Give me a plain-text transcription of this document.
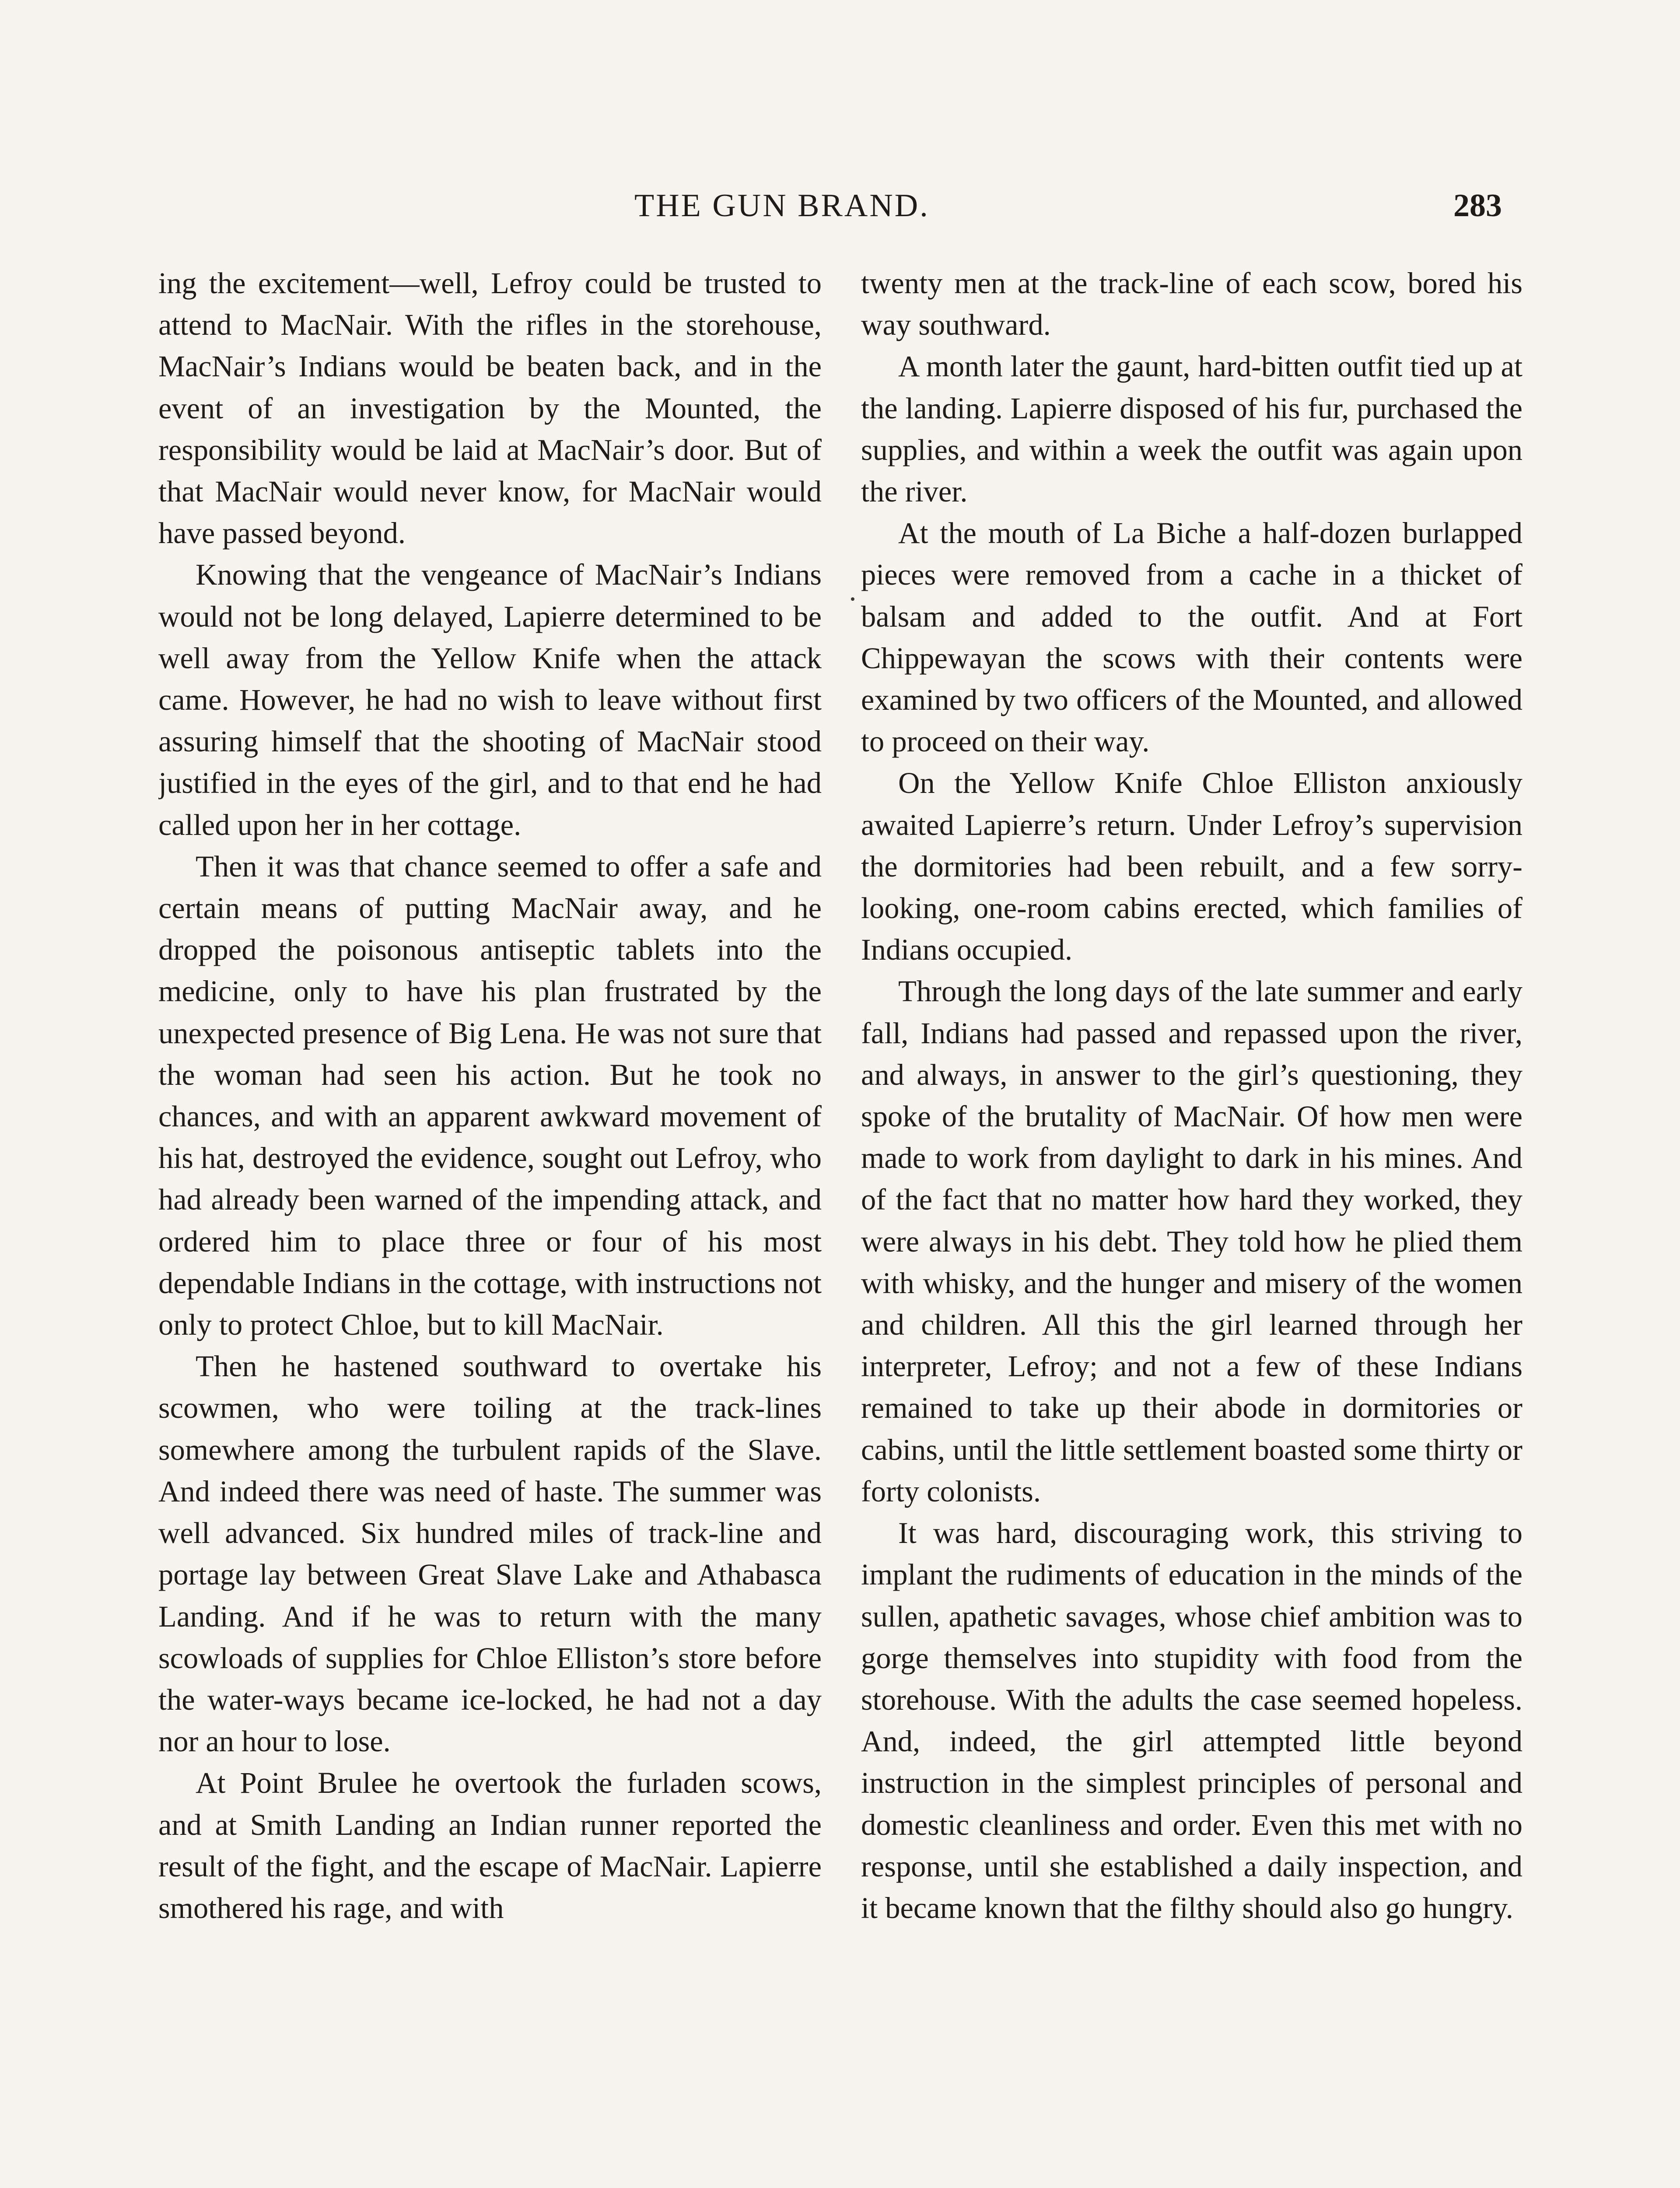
THE GUN BRAND.	283

ing the excitement—well, Lefroy could be trusted to attend to MacNair. With the rifles in the storehouse, MacNair’s Indians would be beaten back, and in the event of an investigation by the Mounted, the responsibility would be laid at MacNair’s door. But of that MacNair would never know, for MacNair would have passed beyond.

Knowing that the vengeance of MacNair’s Indians would not be long delayed, Lapierre determined to be well away from the Yellow Knife when the attack came. However, he had no wish to leave without first assuring himself that the shooting of MacNair stood justified in the eyes of the girl, and to that end he had called upon her in her cottage.

Then it was that chance seemed to offer a safe and certain means of putting MacNair away, and he dropped the poisonous antiseptic tablets into the medicine, only to have his plan frustrated by the unexpected presence of Big Lena. He was not sure that the woman had seen his action. But he took no chances, and with an apparent awkward movement of his hat, destroyed the evidence, sought out Lefroy, who had already been warned of the impending attack, and ordered him to place three or four of his most dependable Indians in the cottage, with instructions not only to protect Chloe, but to kill MacNair.

Then he hastened southward to overtake his scowmen, who were toiling at the track-lines somewhere among the turbulent rapids of the Slave. And indeed there was need of haste. The summer was well advanced. Six hundred miles of track-line and portage lay between Great Slave Lake and Athabasca Landing. And if he was to return with the many scowloads of supplies for Chloe Elliston’s store before the water-ways became ice-locked, he had not a day nor an hour to lose.

At Point Brulee he overtook the furladen scows, and at Smith Landing an Indian runner reported the result of the fight, and the escape of MacNair. Lapierre smothered his rage, and with

twenty men at the track-line of each scow, bored his way southward.

A month later the gaunt, hard-bitten outfit tied up at the landing. Lapierre disposed of his fur, purchased the supplies, and within a week the outfit was again upon the river.

At the mouth of La Biche a half-dozen burlapped pieces were removed from a cache in a thicket of balsam and added to the outfit. And at Fort Chippewayan the scows with their contents were examined by two officers of the Mounted, and allowed to proceed on their way.

On the Yellow Knife Chloe Elliston anxiously awaited Lapierre’s return. Under Lefroy’s supervision the dormitories had been rebuilt, and a few sorry-looking, one-room cabins erected, which families of Indians occupied.

Through the long days of the late summer and early fall, Indians had passed and repassed upon the river, and always, in answer to the girl’s questioning, they spoke of the brutality of MacNair. Of how men were made to work from daylight to dark in his mines. And of the fact that no matter how hard they worked, they were always in his debt. They told how he plied them with whisky, and the hunger and misery of the women and children. All this the girl learned through her interpreter, Lefroy; and not a few of these Indians remained to take up their abode in dormitories or cabins, until the little settlement boasted some thirty or forty colonists.

It was hard, discouraging work, this striving to implant the rudiments of education in the minds of the sullen, apathetic savages, whose chief ambition was to gorge themselves into stupidity with food from the storehouse. With the adults the case seemed hopeless. And, indeed, the girl attempted little beyond instruction in the simplest principles of personal and domestic cleanliness and order. Even this met with no response, until she established a daily inspection, and it became known that the filthy should also go hungry.
